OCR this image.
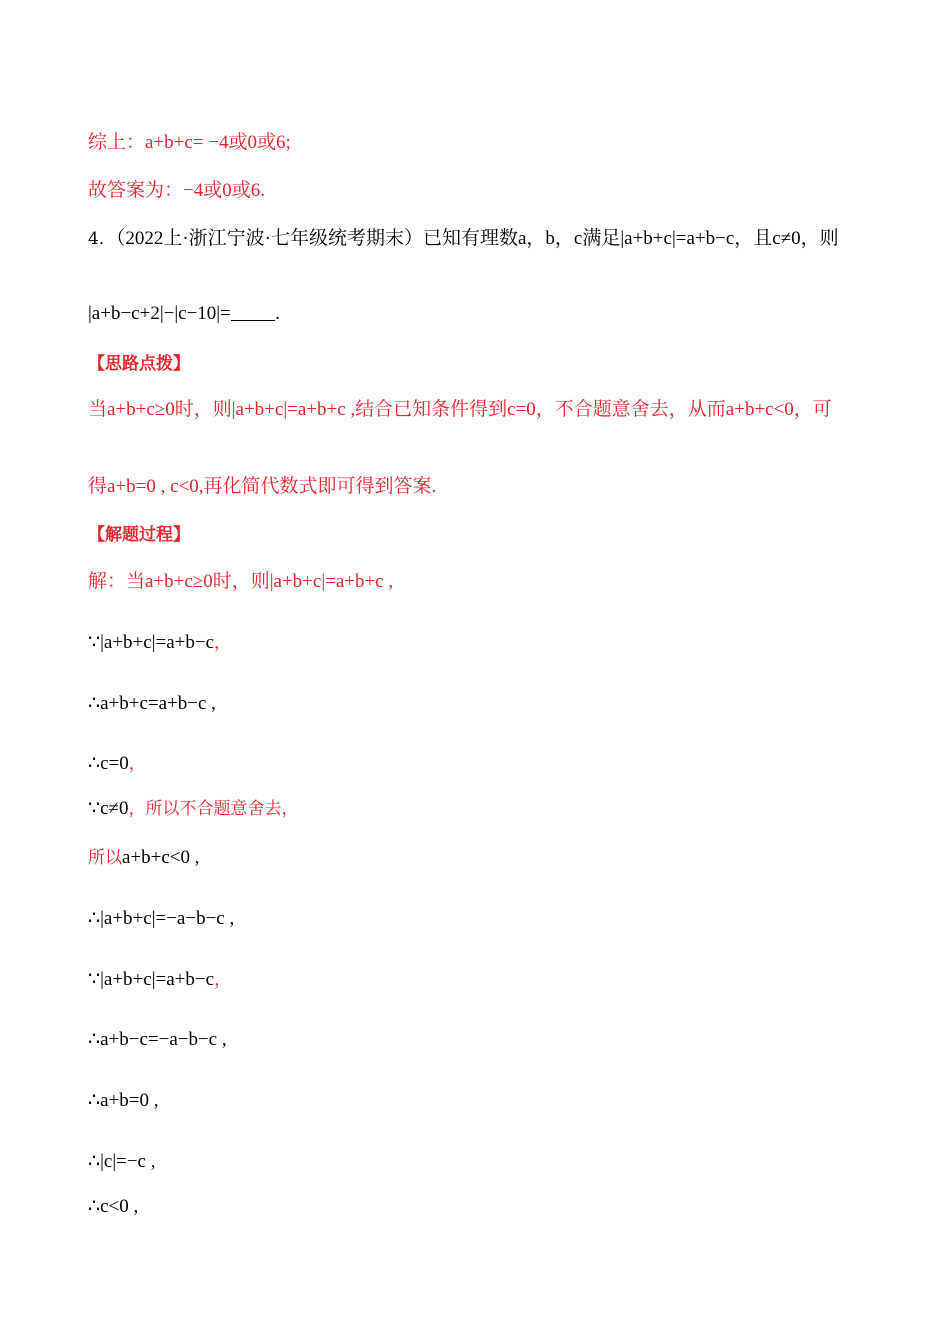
综上：a+b+c= −4或0或6;
故答案为：−4或0或6.
4．（2022上·浙江宁波·七年级统考期末）已知有理数a，b，c满足|a+b+c|=a+b−c，且c≠0，则
|a+b−c+2|−|c−10|=	.
【思路点拨】
当a+b+c≥0时，则|a+b+c|=a+b+c ,结合已知条件得到c=0，不合题意舍去，从而a+b+c<0，可
得a+b=0 , c<0,再化简代数式即可得到答案.
【解题过程】
解：当a+b+c≥0时，则|a+b+c|=a+b+c ,
∵|a+b+c|=a+b−c，
∴a+b+c=a+b−c ,
∴c=0，
∵c≠0，所以不合题意舍去，
所以a+b+c<0 ,
∴|a+b+c|=−a−b−c ,
∵|a+b+c|=a+b−c，
∴a+b−c=−a−b−c ,
∴a+b=0 ,
∴|c|=−c ,
∴c<0 ,
